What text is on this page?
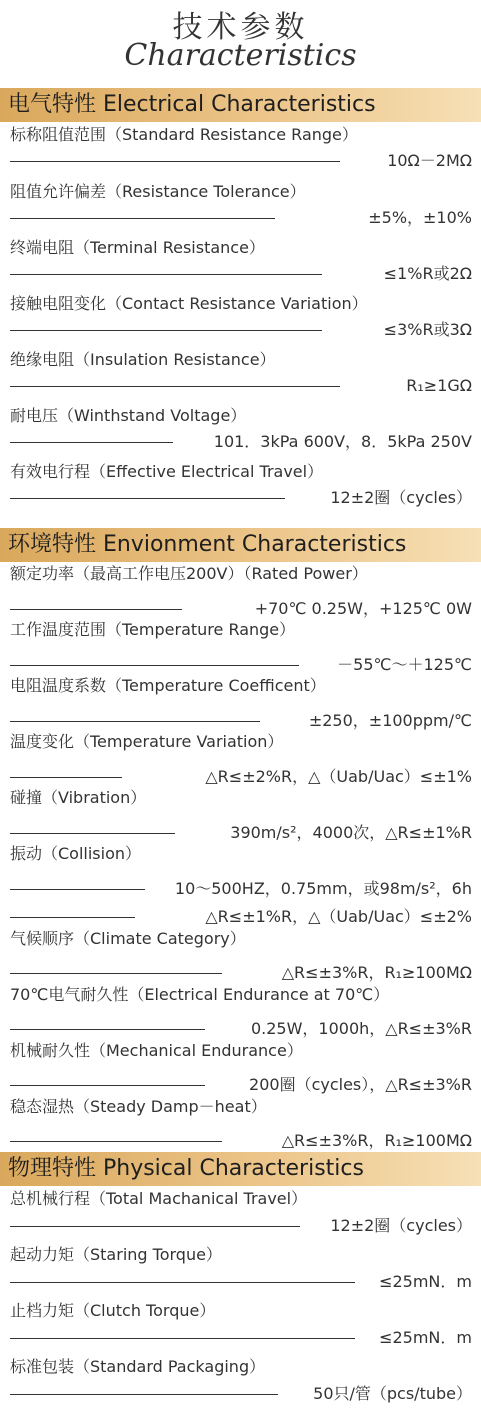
技术参数
Characteristics
电气特性 Electrical Characteristics
标称阻值范围（Standard Resistance Range）
10Ω－2MΩ
阻值允许偏差（Resistance Tolerance）
±5%，±10%
终端电阻（Terminal Resistance）
≤1%R或2Ω
接触电阻变化（Contact Resistance Variation）
≤3%R或3Ω
绝缘电阻（Insulation Resistance）
R₁≥1GΩ
耐电压（Winthstand Voltage）
101．3kPa 600V，8．5kPa 250V
有效电行程（Effective Electrical Travel）
12±2圈（cycles）
环境特性 Envionment Characteristics
额定功率（最高工作电压200V）（Rated Power）
+70℃ 0.25W，+125℃ 0W
工作温度范围（Temperature Range）
－55℃～＋125℃
电阻温度系数（Temperature Coefficent）
±250，±100ppm/℃
温度变化（Temperature Variation）
△R≤±2%R，△（Uab/Uac）≤±1%
碰撞（Vibration）
390m/s²，4000次，△R≤±1%R
振动（Collision）
10～500HZ，0.75mm，或98m/s²，6h
△R≤±1%R，△（Uab/Uac）≤±2%
气候顺序（Climate Category）
△R≤±3%R，R₁≥100MΩ
70℃电气耐久性（Electrical Endurance at 70℃）
0.25W，1000h，△R≤±3%R
机械耐久性（Mechanical Endurance）
200圈（cycles），△R≤±3%R
稳态湿热（Steady Damp－heat）
△R≤±3%R，R₁≥100MΩ
物理特性 Physical Characteristics
总机械行程（Total Machanical Travel）
12±2圈（cycles）
起动力矩（Staring Torque）
≤25mN．m
止档力矩（Clutch Torque）
≤25mN．m
标准包装（Standard Packaging）
50只/管（pcs/tube）
